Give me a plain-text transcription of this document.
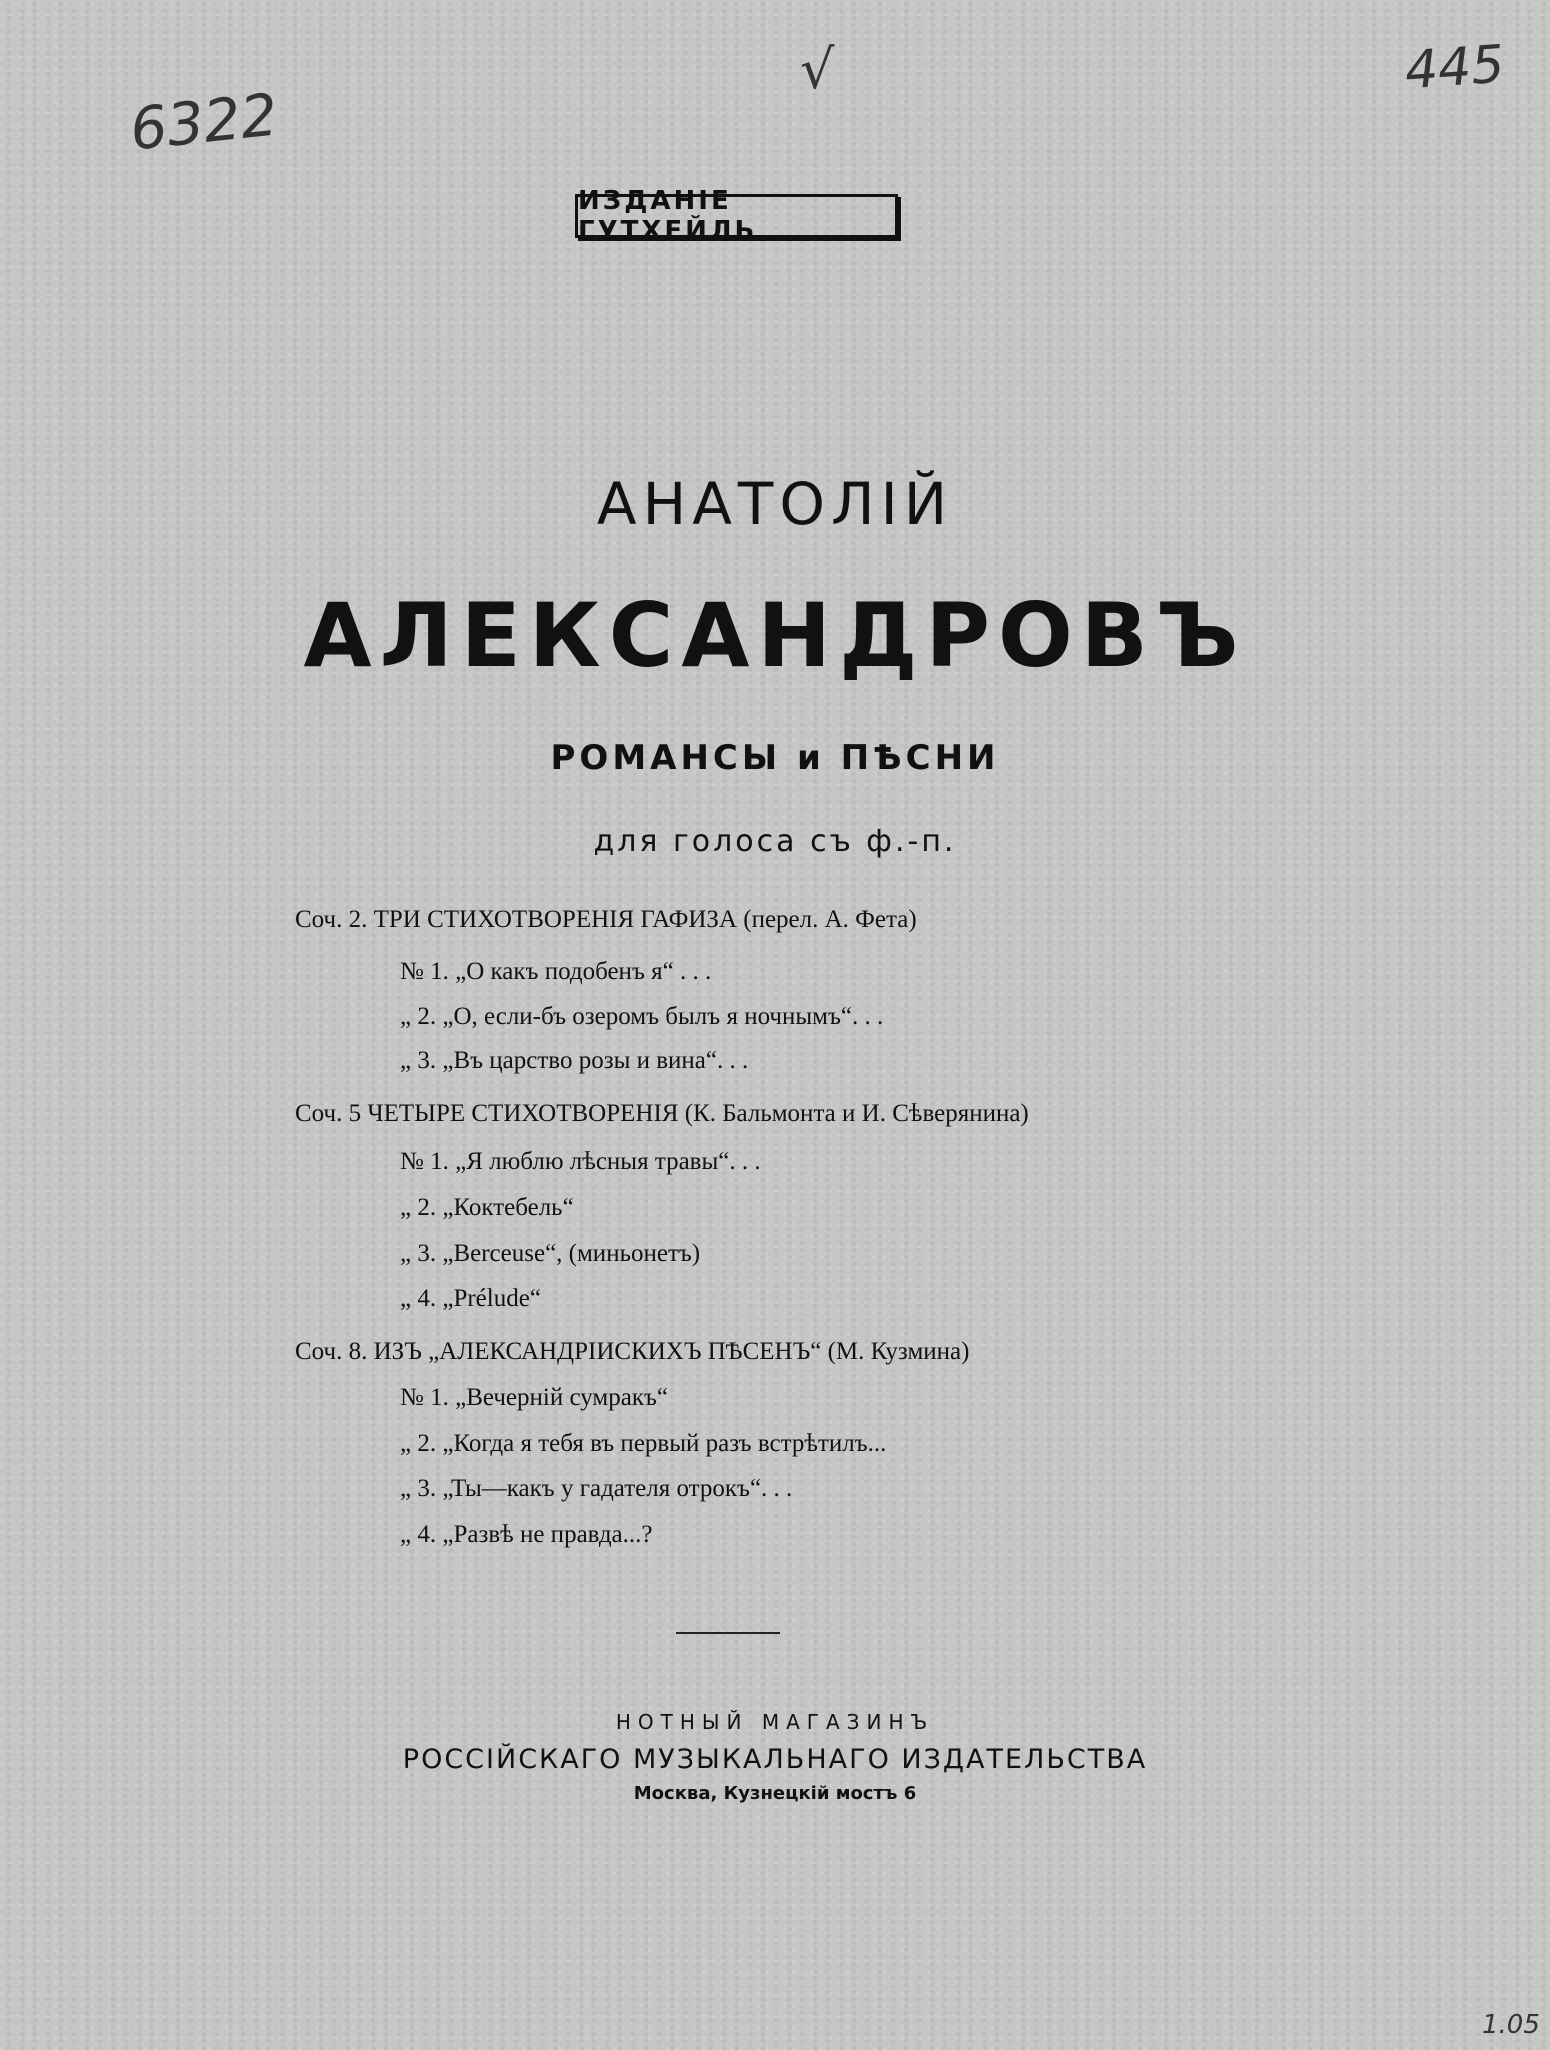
6322
√	445
1.05
ИЗДАНІЕ ГУТХЕЙЛЬ
АНАТОЛІЙ
АЛЕКСАНДРОВЪ
РОМАНСЫ и ПѢСНИ
для голоса съ ф.-п.
Соч. 2. ТРИ СТИХОТВОРЕНІЯ ГАФИЗА (перел. А. Фета)
№ 1. „О какъ подобенъ я“ . . .
„ 2. „О, если-бъ озеромъ былъ я ночнымъ“. . .
„ 3. „Въ царство розы и вина“. . .
Соч. 5 ЧЕТЫРЕ СТИХОТВОРЕНІЯ (К. Бальмонта и И. Сѣверянина)
№ 1. „Я люблю лѣсныя травы“. . .
„ 2. „Коктебель“
„ 3. „Berceuse“, (миньонетъ)
„ 4. „Prélude“
Соч. 8. ИЗЪ „АЛЕКСАНДРІИСКИХЪ ПѢСЕНЪ“ (М. Кузмина)
№ 1. „Вечерній сумракъ“
„ 2. „Когда я тебя въ первый разъ встрѣтилъ...
„ 3. „Ты—какъ у гадателя отрокъ“. . .
„ 4. „Развѣ не правда...?
НОТНЫЙ МАГАЗИНЪ
РОССІЙСКАГО МУЗЫКАЛЬНАГО ИЗДАТЕЛЬСТВА
Москва, Кузнецкій мостъ 6
